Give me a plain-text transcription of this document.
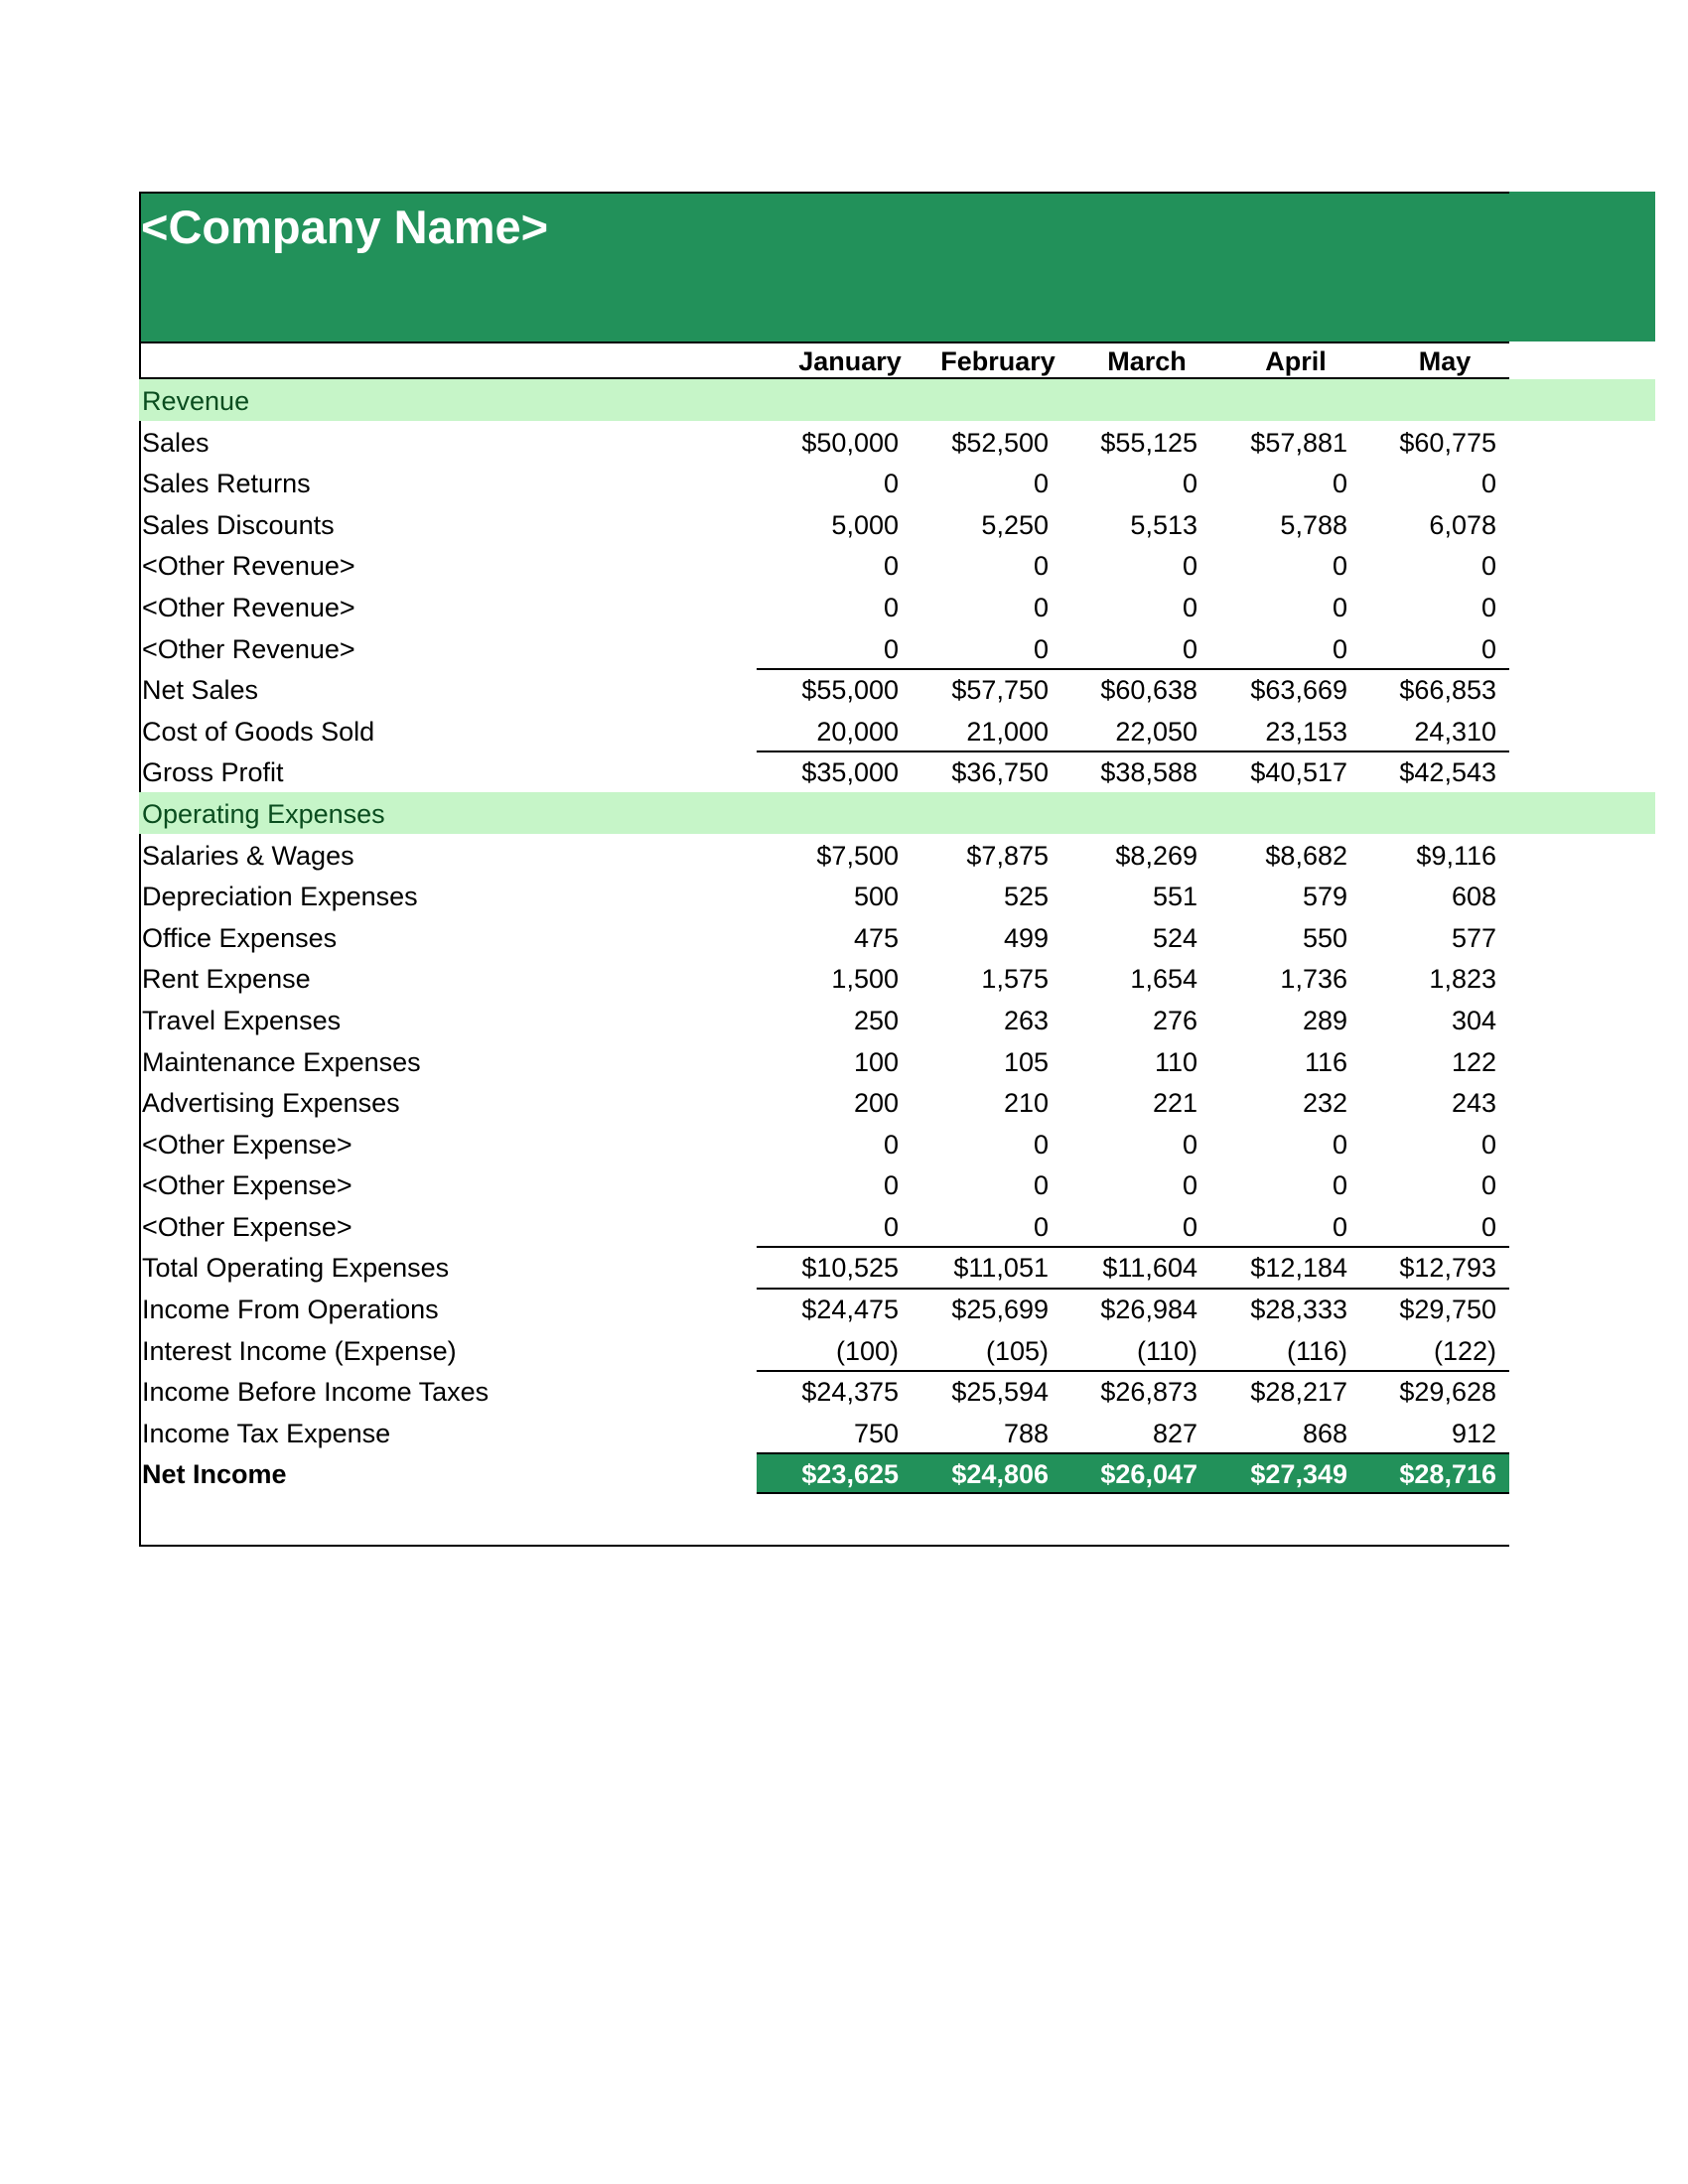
<Company Name>
January	February	March	April	May
Revenue
Sales	$50,000	$52,500	$55,125	$57,881	$60,775
Sales Returns	0	0	0	0	0
Sales Discounts	5,000	5,250	5,513	5,788	6,078
<Other Revenue>	0	0	0	0	0
<Other Revenue>	0	0	0	0	0
<Other Revenue>	0	0	0	0	0
Net Sales	$55,000	$57,750	$60,638	$63,669	$66,853
Cost of Goods Sold	20,000	21,000	22,050	23,153	24,310
Gross Profit	$35,000	$36,750	$38,588	$40,517	$42,543
Operating Expenses
Salaries & Wages	$7,500	$7,875	$8,269	$8,682	$9,116
Depreciation Expenses	500	525	551	579	608
Office Expenses	475	499	524	550	577
Rent Expense	1,500	1,575	1,654	1,736	1,823
Travel Expenses	250	263	276	289	304
Maintenance Expenses	100	105	110	116	122
Advertising Expenses	200	210	221	232	243
<Other Expense>	0	0	0	0	0
<Other Expense>	0	0	0	0	0
<Other Expense>	0	0	0	0	0
Total Operating Expenses	$10,525	$11,051	$11,604	$12,184	$12,793
Income From Operations	$24,475	$25,699	$26,984	$28,333	$29,750
Interest Income (Expense)	(100)	(105)	(110)	(116)	(122)
Income Before Income Taxes	$24,375	$25,594	$26,873	$28,217	$29,628
Income Tax Expense	750	788	827	868	912
Net Income	$23,625	$24,806	$26,047	$27,349	$28,716
